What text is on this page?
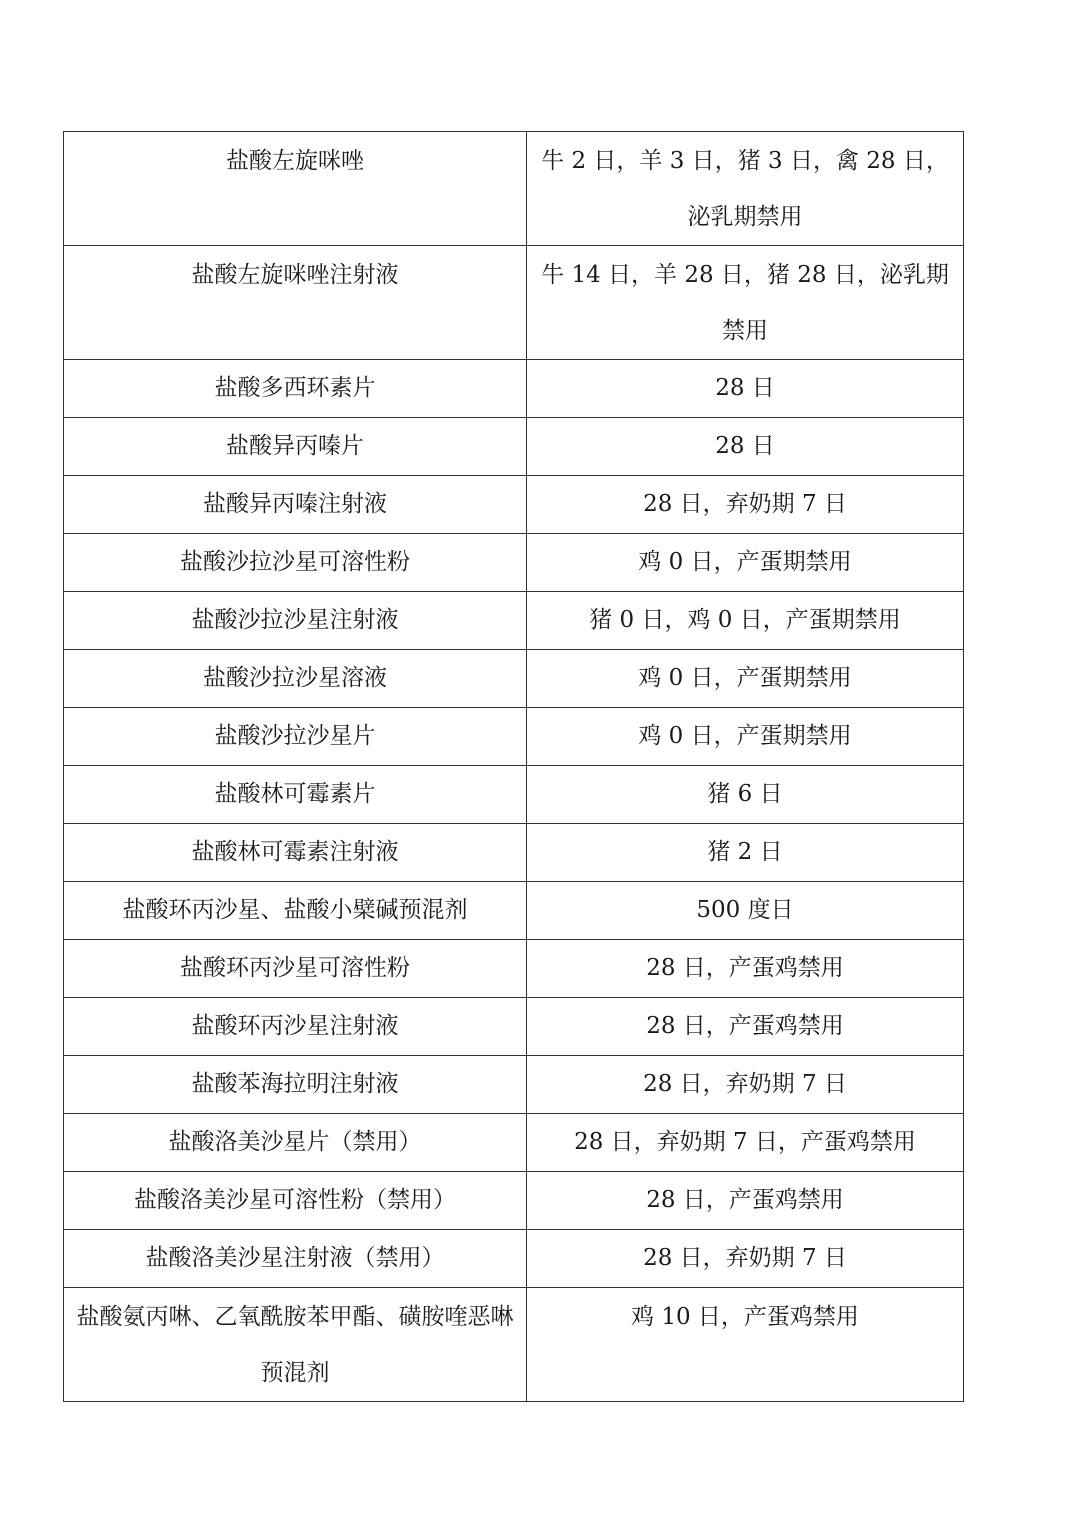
盐酸左旋咪唑	牛 2 日，羊 3 日，猪 3 日，禽 28 日，泌乳期禁用
盐酸左旋咪唑注射液	牛 14 日，羊 28 日，猪 28 日，泌乳期禁用
盐酸多西环素片	28 日
盐酸异丙嗪片	28 日
盐酸异丙嗪注射液	28 日，弃奶期 7 日
盐酸沙拉沙星可溶性粉	鸡 0 日，产蛋期禁用
盐酸沙拉沙星注射液	猪 0 日，鸡 0 日，产蛋期禁用
盐酸沙拉沙星溶液	鸡 0 日，产蛋期禁用
盐酸沙拉沙星片	鸡 0 日，产蛋期禁用
盐酸林可霉素片	猪 6 日
盐酸林可霉素注射液	猪 2 日
盐酸环丙沙星、盐酸小檗碱预混剂	500 度日
盐酸环丙沙星可溶性粉	28 日，产蛋鸡禁用
盐酸环丙沙星注射液	28 日，产蛋鸡禁用
盐酸苯海拉明注射液	28 日，弃奶期 7 日
盐酸洛美沙星片（禁用）	28 日，弃奶期 7 日，产蛋鸡禁用
盐酸洛美沙星可溶性粉（禁用）	28 日，产蛋鸡禁用
盐酸洛美沙星注射液（禁用）	28 日，弃奶期 7 日
盐酸氨丙啉、乙氧酰胺苯甲酯、磺胺喹恶啉预混剂	鸡 10 日，产蛋鸡禁用
